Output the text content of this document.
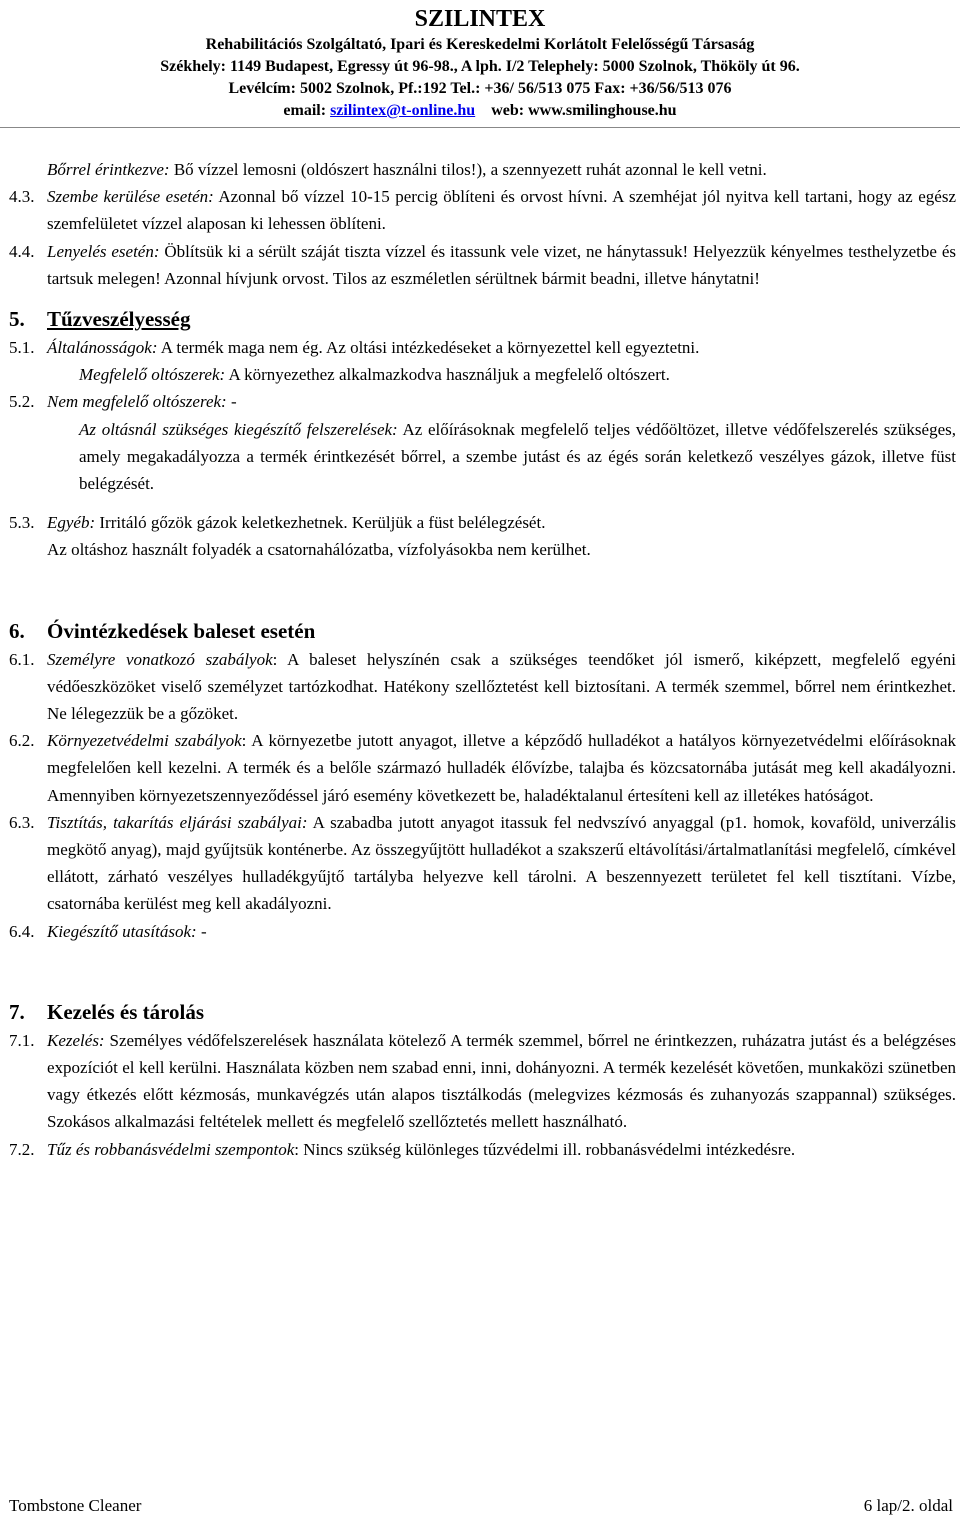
SZILINTEX
Rehabilitációs Szolgáltató, Ipari és Kereskedelmi Korlátolt Felelősségű Társaság
Székhely: 1149 Budapest, Egressy út 96-98., A lph. I/2 Telephely: 5000 Szolnok, Thököly út 96.
Levélcím: 5002 Szolnok, Pf.:192 Tel.: +36/ 56/513 075 Fax: +36/56/513 076
email: szilintex@t-online.hu web: www.smilinghouse.hu
Bőrrel érintkezve: Bő vízzel lemosni (oldószert használni tilos!), a szennyezett ruhát azonnal le kell vetni.
4.3. Szembe kerülése esetén: Azonnal bő vízzel 10-15 percig öblíteni és orvost hívni. A szemhéjat jól nyitva kell tartani, hogy az egész szemfelületet vízzel alaposan ki lehessen öblíteni.
4.4. Lenyelés esetén: Öblítsük ki a sérült száját tiszta vízzel és itassunk vele vizet, ne hánytassuk! Helyezzük kényelmes testhelyzetbe és tartsuk melegen! Azonnal hívjunk orvost. Tilos az eszméletlen sérültnek bármit beadni, illetve hánytatni!
5. Tűzveszélyesség
5.1. Általánosságok: A termék maga nem ég. Az oltási intézkedéseket a környezettel kell egyeztetni.
Megfelelő oltószerek: A környezethez alkalmazkodva használjuk a megfelelő oltószert.
5.2. Nem megfelelő oltószerek: -
Az oltásnál szükséges kiegészítő felszerelések: Az előírásoknak megfelelő teljes védőöltözet, illetve védőfelszerelés szükséges, amely megakadályozza a termék érintkezését bőrrel, a szembe jutást és az égés során keletkező veszélyes gázok, illetve füst belégzését.
5.3. Egyéb: Irritáló gőzök gázok keletkezhetnek. Kerüljük a füst belélegzését.
Az oltáshoz használt folyadék a csatornahálózatba, vízfolyásokba nem kerülhet.
6. Óvintézkedések baleset esetén
6.1. Személyre vonatkozó szabályok: A baleset helyszínén csak a szükséges teendőket jól ismerő, kiképzett, megfelelő egyéni védőeszközöket viselő személyzet tartózkodhat. Hatékony szellőztetést kell biztosítani. A termék szemmel, bőrrel nem érintkezhet. Ne lélegezzük be a gőzöket.
6.2. Környezetvédelmi szabályok: A környezetbe jutott anyagot, illetve a képződő hulladékot a hatályos környezetvédelmi előírásoknak megfelelően kell kezelni. A termék és a belőle származó hulladék élővízbe, talajba és közcsatornába jutását meg kell akadályozni. Amennyiben környezetszennyeződéssel járó esemény következett be, haladéktalanul értesíteni kell az illetékes hatóságot.
6.3. Tisztítás, takarítás eljárási szabályai: A szabadba jutott anyagot itassuk fel nedvszívó anyaggal (p1. homok, kovaföld, univerzális megkötő anyag), majd gyűjtsük konténerbe. Az összegyűjtött hulladékot a szakszerű eltávolítási/ártalmatlanítási megfelelő, címkével ellátott, zárható veszélyes hulladékgyűjtő tartályba helyezve kell tárolni. A beszennyezett területet fel kell tisztítani. Vízbe, csatornába kerülést meg kell akadályozni.
6.4. Kiegészítő utasítások: -
7. Kezelés és tárolás
7.1. Kezelés: Személyes védőfelszerelések használata kötelező A termék szemmel, bőrrel ne érintkezzen, ruházatra jutást és a belégzéses expozíciót el kell kerülni. Használata közben nem szabad enni, inni, dohányozni. A termék kezelését követően, munkaközi szünetben vagy étkezés előtt kézmosás, munkavégzés után alapos tisztálkodás (melegvizes kézmosás és zuhanyozás szappannal) szükséges. Szokásos alkalmazási feltételek mellett és megfelelő szellőztetés mellett használható.
7.2. Tűz és robbanásvédelmi szempontok: Nincs szükség különleges tűzvédelmi ill. robbanásvédelmi intézkedésre.
Tombstone Cleaner	6 lap/2. oldal
